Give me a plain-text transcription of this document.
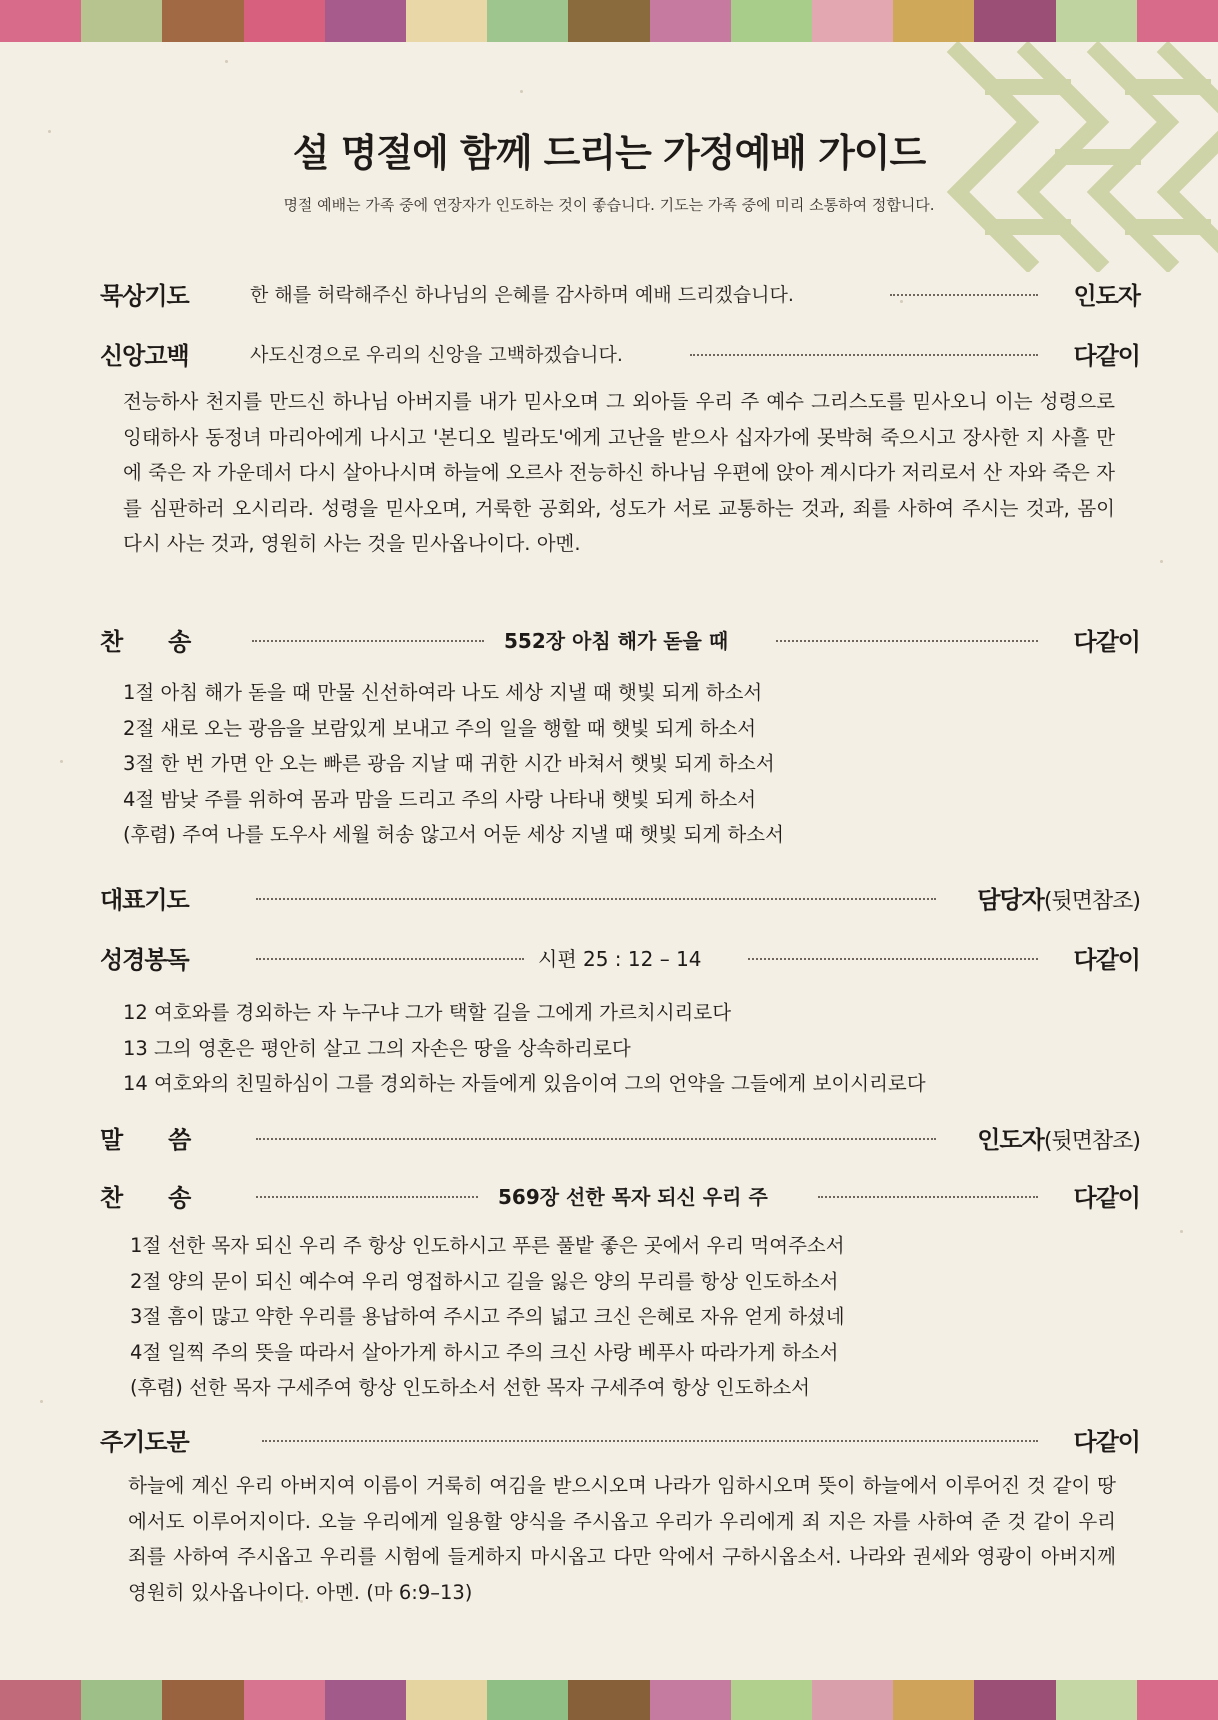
설 명절에 함께 드리는 가정예배 가이드
명절 예배는 가족 중에 연장자가 인도하는 것이 좋습니다. 기도는 가족 중에 미리 소통하여 정합니다.
묵상기도	한 해를 허락해주신 하나님의 은혜를 감사하며 예배 드리겠습니다.	인도자
신앙고백	사도신경으로 우리의 신앙을 고백하겠습니다.	다같이
전능하사 천지를 만드신 하나님 아버지를 내가 믿사오며 그 외아들 우리 주 예수 그리스도를 믿사오니 이는 성령으로 잉태하사 동정녀 마리아에게 나시고 '본디오 빌라도'에게 고난을 받으사 십자가에 못박혀 죽으시고 장사한 지 사흘 만에 죽은 자 가운데서 다시 살아나시며 하늘에 오르사 전능하신 하나님 우편에 앉아 계시다가 저리로서 산 자와 죽은 자를 심판하러 오시리라. 성령을 믿사오며, 거룩한 공회와, 성도가 서로 교통하는 것과, 죄를 사하여 주시는 것과, 몸이 다시 사는 것과, 영원히 사는 것을 믿사옵나이다. 아멘.
찬　　송	552장 아침 해가 돋을 때	다같이
1절 아침 해가 돋을 때 만물 신선하여라 나도 세상 지낼 때 햇빛 되게 하소서
2절 새로 오는 광음을 보람있게 보내고 주의 일을 행할 때 햇빛 되게 하소서
3절 한 번 가면 안 오는 빠른 광음 지날 때 귀한 시간 바쳐서 햇빛 되게 하소서
4절 밤낮 주를 위하여 몸과 맘을 드리고 주의 사랑 나타내 햇빛 되게 하소서
(후렴) 주여 나를 도우사 세월 허송 않고서 어둔 세상 지낼 때 햇빛 되게 하소서
대표기도	담당자(뒷면참조)
성경봉독	시편 25 : 12 – 14	다같이
12 여호와를 경외하는 자 누구냐 그가 택할 길을 그에게 가르치시리로다
13 그의 영혼은 평안히 살고 그의 자손은 땅을 상속하리로다
14 여호와의 친밀하심이 그를 경외하는 자들에게 있음이여 그의 언약을 그들에게 보이시리로다
말　　씀	인도자(뒷면참조)
찬　　송	569장 선한 목자 되신 우리 주	다같이
1절 선한 목자 되신 우리 주 항상 인도하시고 푸른 풀밭 좋은 곳에서 우리 먹여주소서
2절 양의 문이 되신 예수여 우리 영접하시고 길을 잃은 양의 무리를 항상 인도하소서
3절 흠이 많고 약한 우리를 용납하여 주시고 주의 넓고 크신 은혜로 자유 얻게 하셨네
4절 일찍 주의 뜻을 따라서 살아가게 하시고 주의 크신 사랑 베푸사 따라가게 하소서
(후렴) 선한 목자 구세주여 항상 인도하소서 선한 목자 구세주여 항상 인도하소서
주기도문	다같이
하늘에 계신 우리 아버지여 이름이 거룩히 여김을 받으시오며 나라가 임하시오며 뜻이 하늘에서 이루어진 것 같이 땅에서도 이루어지이다. 오늘 우리에게 일용할 양식을 주시옵고 우리가 우리에게 죄 지은 자를 사하여 준 것 같이 우리 죄를 사하여 주시옵고 우리를 시험에 들게하지 마시옵고 다만 악에서 구하시옵소서. 나라와 권세와 영광이 아버지께 영원히 있사옵나이다. 아멘. (마 6:9–13)
